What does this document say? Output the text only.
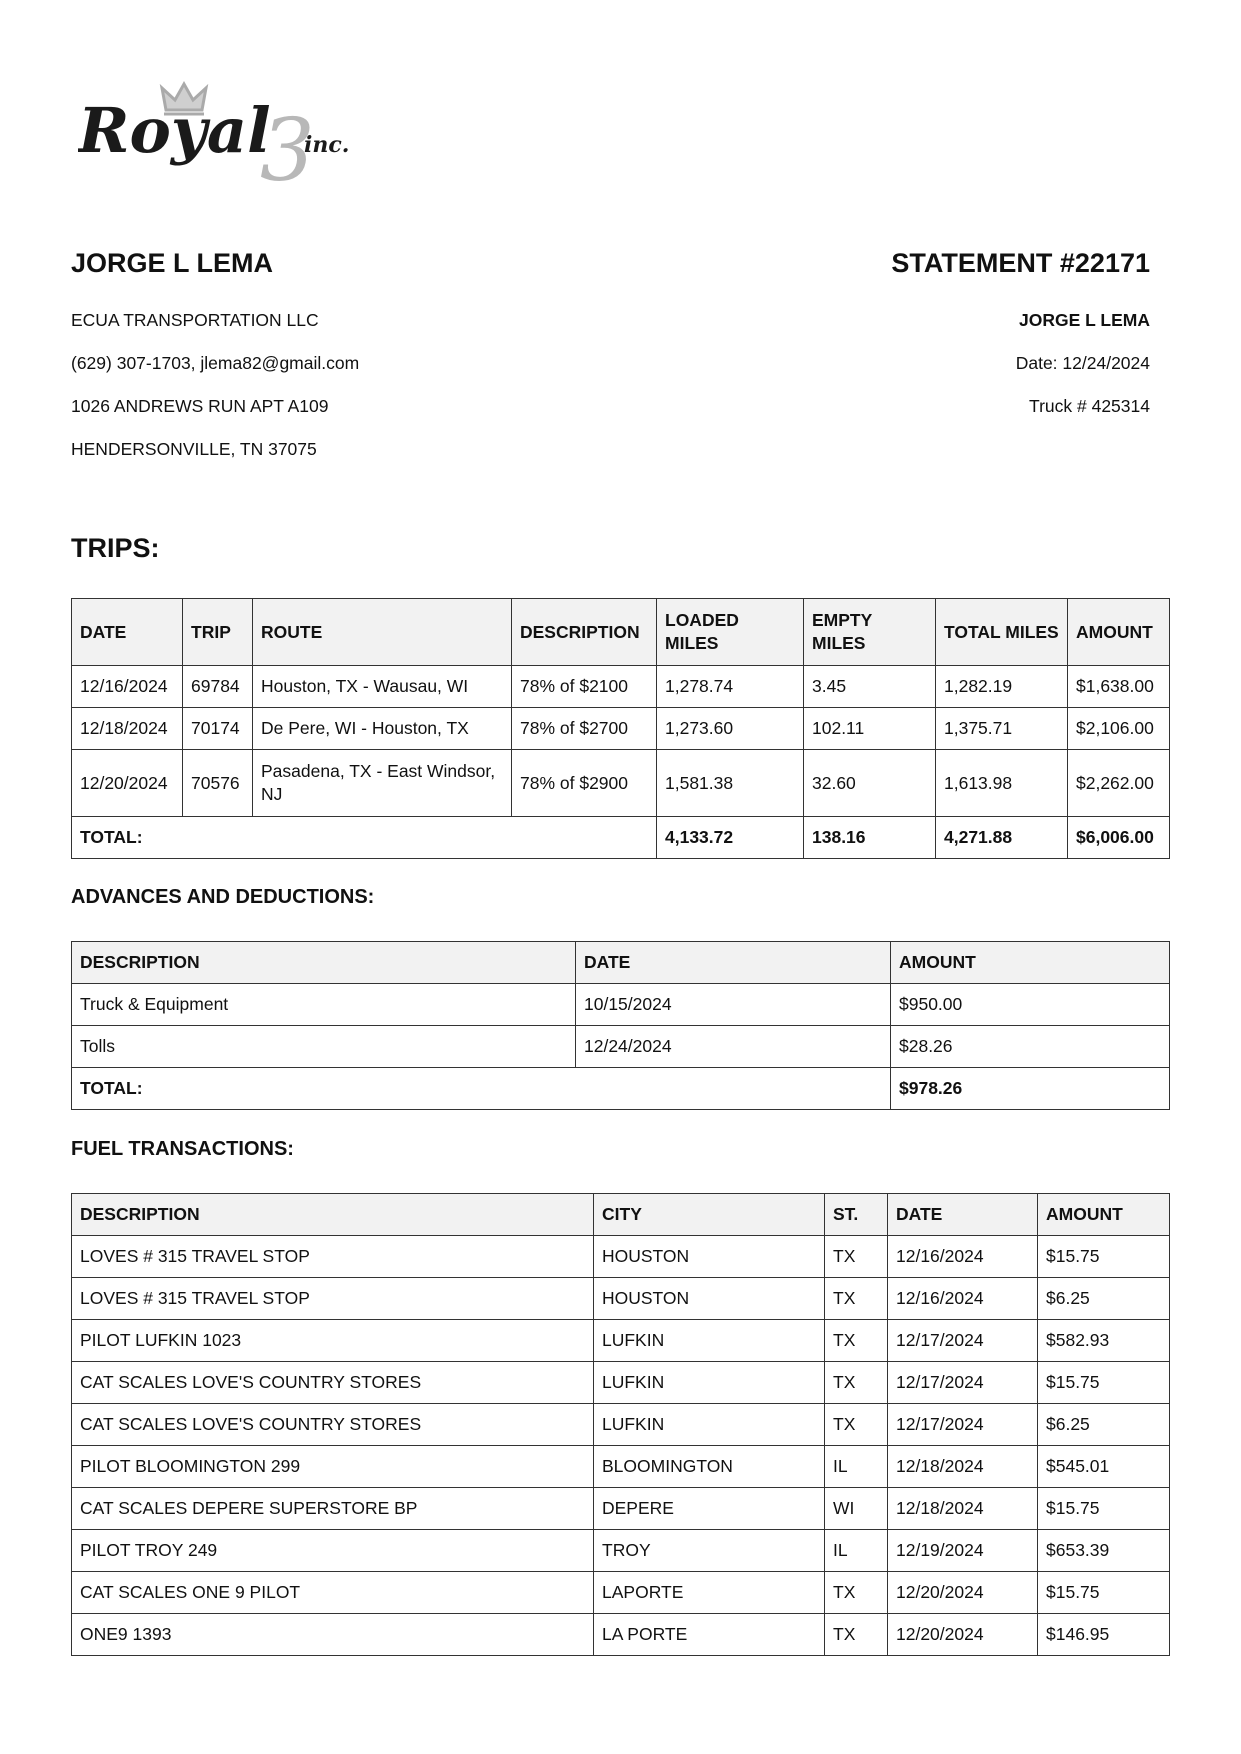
3
Royal inc.
JORGE L LEMA
ECUA TRANSPORTATION LLC
(629) 307-1703, jlema82@gmail.com
1026 ANDREWS RUN APT A109
HENDERSONVILLE, TN 37075
STATEMENT #22171
JORGE L LEMA
Date: 12/24/2024
Truck # 425314
TRIPS:
DATE	TRIP	ROUTE	DESCRIPTION	LOADED MILES	EMPTY MILES	TOTAL MILES	AMOUNT
12/16/2024	69784	Houston, TX - Wausau, WI	78% of $2100	1,278.74	3.45	1,282.19	$1,638.00
12/18/2024	70174	De Pere, WI - Houston, TX	78% of $2700	1,273.60	102.11	1,375.71	$2,106.00
12/20/2024	70576	Pasadena, TX - East Windsor, NJ	78% of $2900	1,581.38	32.60	1,613.98	$2,262.00
TOTAL:				4,133.72	138.16	4,271.88	$6,006.00
ADVANCES AND DEDUCTIONS:
DESCRIPTION	DATE	AMOUNT
Truck & Equipment	10/15/2024	$950.00
Tolls	12/24/2024	$28.26
TOTAL:		$978.26
FUEL TRANSACTIONS:
DESCRIPTION	CITY	ST.	DATE	AMOUNT
LOVES # 315 TRAVEL STOP	HOUSTON	TX	12/16/2024	$15.75
LOVES # 315 TRAVEL STOP	HOUSTON	TX	12/16/2024	$6.25
PILOT LUFKIN 1023	LUFKIN	TX	12/17/2024	$582.93
CAT SCALES LOVE'S COUNTRY STORES	LUFKIN	TX	12/17/2024	$15.75
CAT SCALES LOVE'S COUNTRY STORES	LUFKIN	TX	12/17/2024	$6.25
PILOT BLOOMINGTON 299	BLOOMINGTON	IL	12/18/2024	$545.01
CAT SCALES DEPERE SUPERSTORE BP	DEPERE	WI	12/18/2024	$15.75
PILOT TROY 249	TROY	IL	12/19/2024	$653.39
CAT SCALES ONE 9 PILOT	LAPORTE	TX	12/20/2024	$15.75
ONE9 1393	LA PORTE	TX	12/20/2024	$146.95
